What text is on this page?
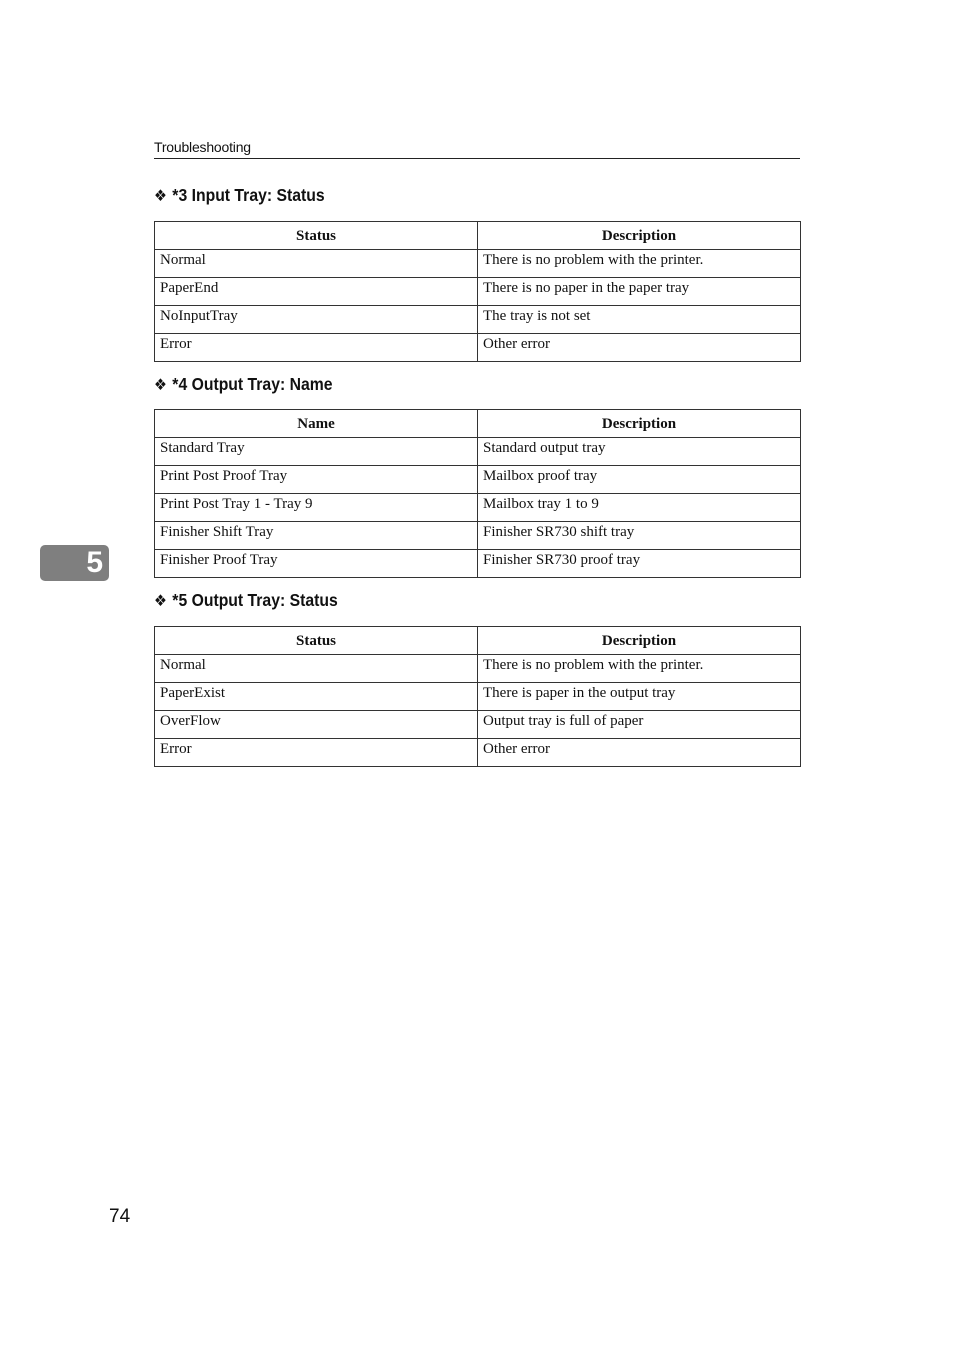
Troubleshooting
❖ *3 Input Tray: Status
Status	Description
Normal	There is no problem with the printer.
PaperEnd	There is no paper in the paper tray
NoInputTray	The tray is not set
Error	Other error
❖ *4 Output Tray: Name
Name	Description
Standard Tray	Standard output tray
Print Post Proof Tray	Mailbox proof tray
Print Post Tray 1 - Tray 9	Mailbox tray 1 to 9
Finisher Shift Tray	Finisher SR730 shift tray
Finisher Proof Tray	Finisher SR730 proof tray
❖ *5 Output Tray: Status
Status	Description
Normal	There is no problem with the printer.
PaperExist	There is paper in the output tray
OverFlow	Output tray is full of paper
Error	Other error
5
74
